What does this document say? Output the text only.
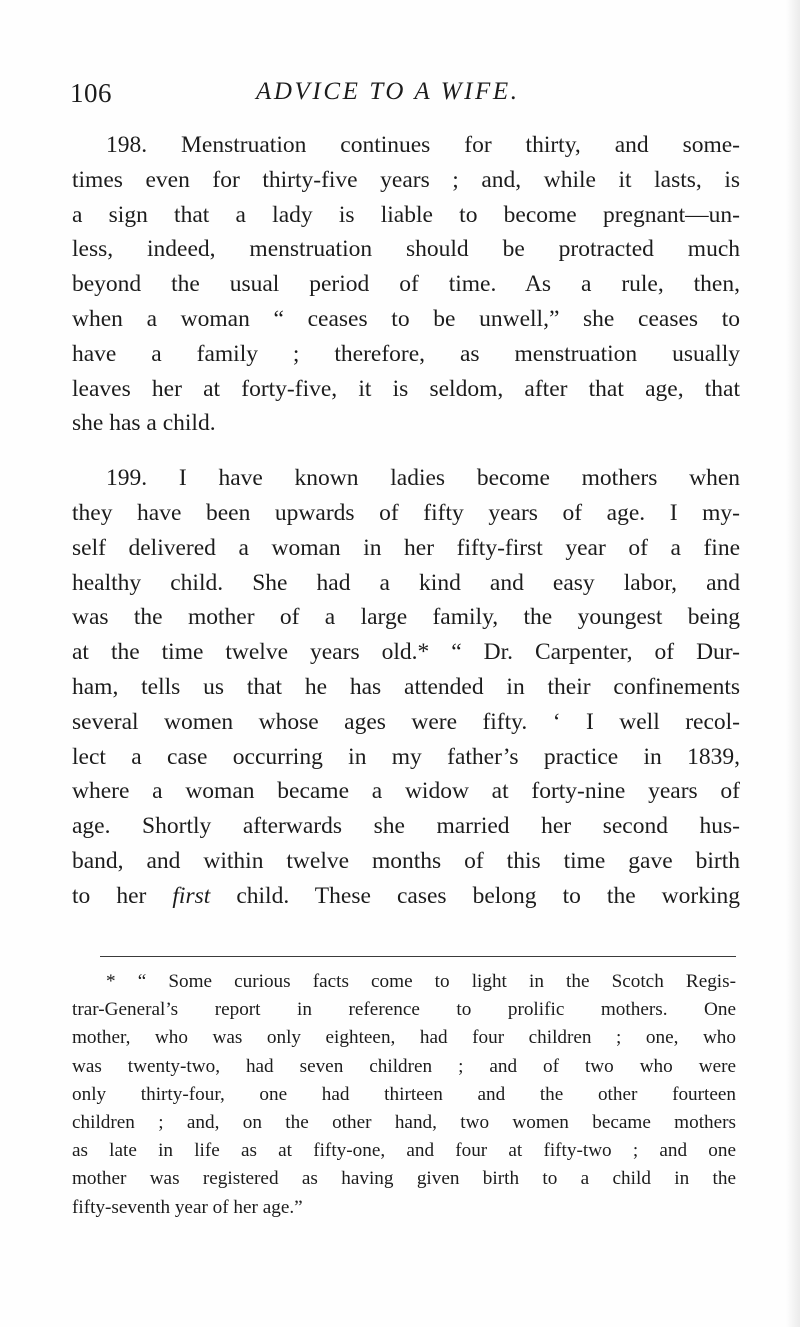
106	ADVICE TO A WIFE.
198. Menstruation continues for thirty, and some-
times even for thirty-five years ; and, while it lasts, is
a sign that a lady is liable to become pregnant—un-
less, indeed, menstruation should be protracted much
beyond the usual period of time. As a rule, then,
when a woman “ ceases to be unwell,” she ceases to
have a family ; therefore, as menstruation usually
leaves her at forty-five, it is seldom, after that age, that
she has a child.
199. I have known ladies become mothers when
they have been upwards of fifty years of age. I my-
self delivered a woman in her fifty-first year of a fine
healthy child. She had a kind and easy labor, and
was the mother of a large family, the youngest being
at the time twelve years old.* “ Dr. Carpenter, of Dur-
ham, tells us that he has attended in their confinements
several women whose ages were fifty. ‘ I well recol-
lect a case occurring in my father’s practice in 1839,
where a woman became a widow at forty-nine years of
age. Shortly afterwards she married her second hus-
band, and within twelve months of this time gave birth
to her first child. These cases belong to the working
* “ Some curious facts come to light in the Scotch Regis-
trar-General’s report in reference to prolific mothers. One
mother, who was only eighteen, had four children ; one, who
was twenty-two, had seven children ; and of two who were
only thirty-four, one had thirteen and the other fourteen
children ; and, on the other hand, two women became mothers
as late in life as at fifty-one, and four at fifty-two ; and one
mother was registered as having given birth to a child in the
fifty-seventh year of her age.”
